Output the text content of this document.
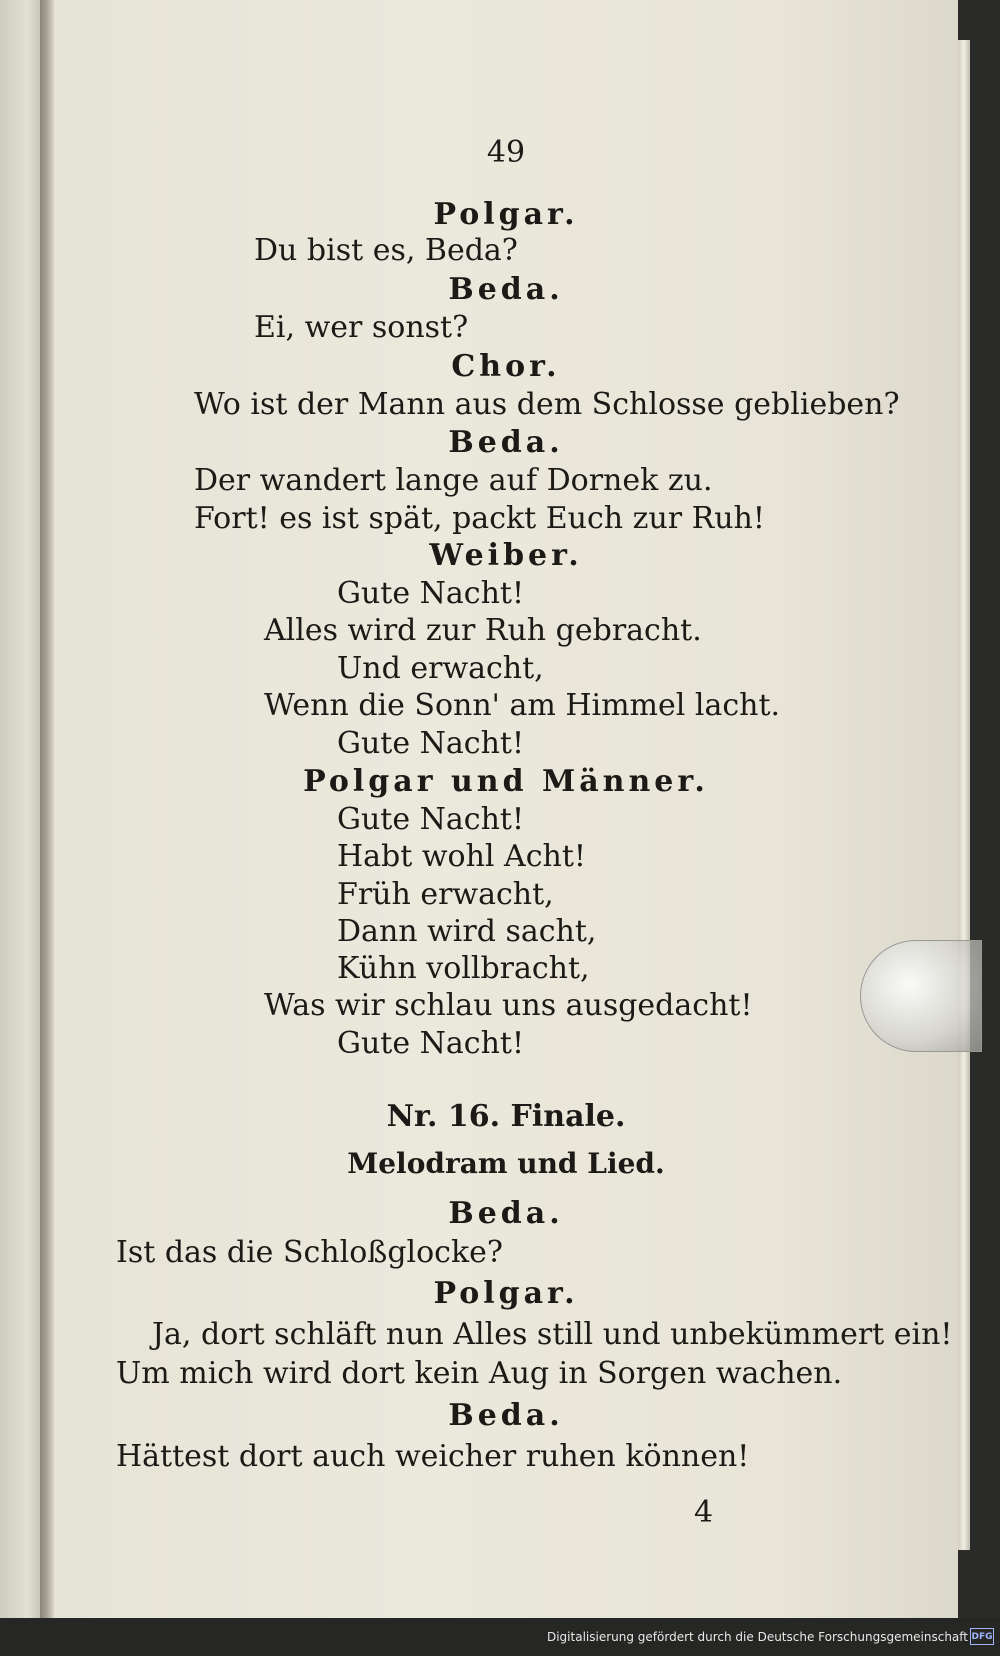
49
Polgar.
Du bist es, Beda?
Beda.
Ei, wer sonst?
Chor.
Wo ist der Mann aus dem Schlosse geblieben?
Beda.
Der wandert lange auf Dornek zu.
Fort! es ist spät, packt Euch zur Ruh!
Weiber.
Gute Nacht!
Alles wird zur Ruh gebracht.
Und erwacht,
Wenn die Sonn' am Himmel lacht.
Gute Nacht!
Polgar und Männer.
Gute Nacht!
Habt wohl Acht!
Früh erwacht,
Dann wird sacht,
Kühn vollbracht,
Was wir schlau uns ausgedacht!
Gute Nacht!
Nr. 16. Finale.
Melodram und Lied.
Beda.
Ist das die Schloßglocke?
Polgar.
Ja, dort schläft nun Alles still und unbekümmert ein!
Um mich wird dort kein Aug in Sorgen wachen.
Beda.
Hättest dort auch weicher ruhen können!
4
Digitalisierung gefördert durch die Deutsche Forschungsgemeinschaft DFG
